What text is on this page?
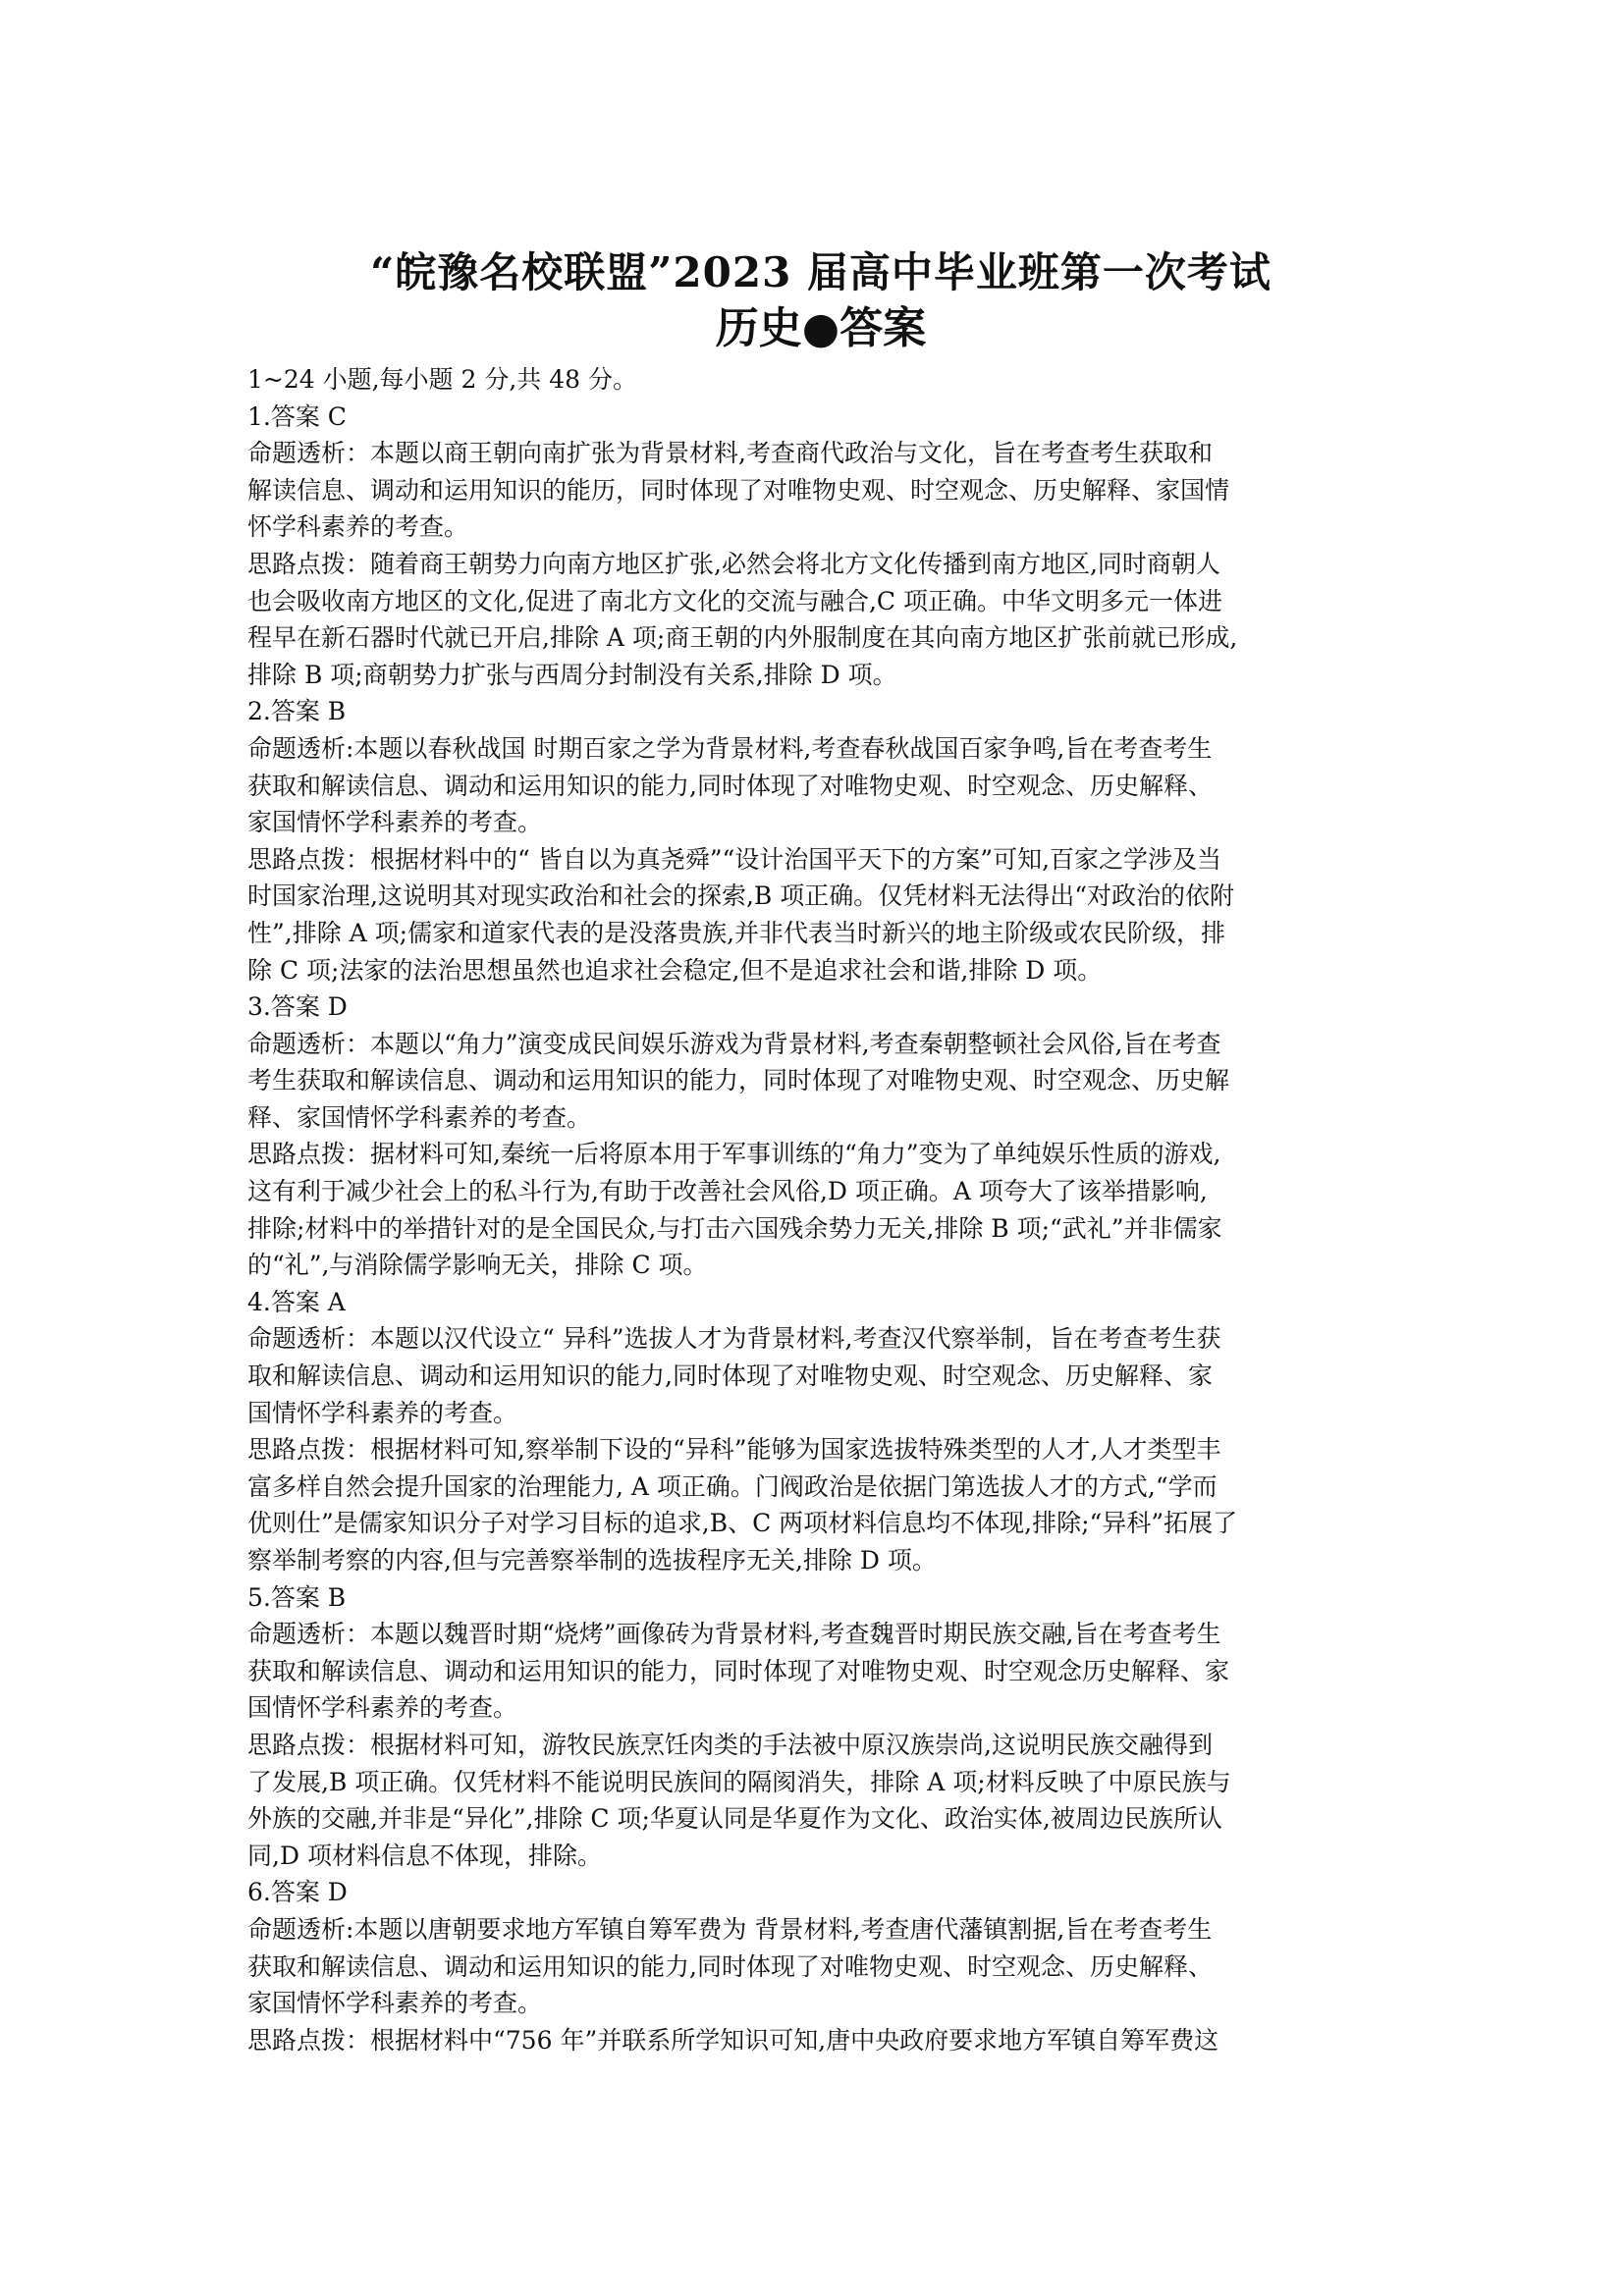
“皖豫名校联盟”2023 届高中毕业班第一次考试
历史●答案

1~24 小题,每小题 2 分,共 48 分。

1.答案 C

命题透析：本题以商王朝向南扩张为背景材料,考查商代政治与文化，旨在考查考生获取和
解读信息、调动和运用知识的能历，同时体现了对唯物史观、时空观念、历史解释、家国情
怀学科素养的考查。

思路点拨：随着商王朝势力向南方地区扩张,必然会将北方文化传播到南方地区,同时商朝人
也会吸收南方地区的文化,促进了南北方文化的交流与融合,C 项正确。中华文明多元一体进
程早在新石器时代就已开启,排除 A 项;商王朝的内外服制度在其向南方地区扩张前就已形成,
排除 B 项;商朝势力扩张与西周分封制没有关系,排除 D 项。

2.答案 B

命题透析:本题以春秋战国 时期百家之学为背景材料,考查春秋战国百家争鸣,旨在考查考生
获取和解读信息、调动和运用知识的能力,同时体现了对唯物史观、时空观念、历史解释、
家国情怀学科素养的考查。

思路点拨：根据材料中的“ 皆自以为真尧舜”“设计治国平天下的方案”可知,百家之学涉及当
时国家治理,这说明其对现实政治和社会的探索,B 项正确。仅凭材料无法得出“对政治的依附
性”,排除 A 项;儒家和道家代表的是没落贵族,并非代表当时新兴的地主阶级或农民阶级，排
除 C 项;法家的法治思想虽然也追求社会稳定,但不是追求社会和谐,排除 D 项。

3.答案 D

命题透析：本题以“角力”演变成民间娱乐游戏为背景材料,考查秦朝整顿社会风俗,旨在考查
考生获取和解读信息、调动和运用知识的能力，同时体现了对唯物史观、时空观念、历史解
释、家国情怀学科素养的考查。

思路点拨：据材料可知,秦统一后将原本用于军事训练的“角力”变为了单纯娱乐性质的游戏,
这有利于减少社会上的私斗行为,有助于改善社会风俗,D 项正确。A 项夸大了该举措影响,
排除;材料中的举措针对的是全国民众,与打击六国残余势力无关,排除 B 项;“武礼”并非儒家
的“礼”,与消除儒学影响无关，排除 C 项。

4.答案 A

命题透析：本题以汉代设立“ 异科”选拔人才为背景材料,考查汉代察举制，旨在考查考生获
取和解读信息、调动和运用知识的能力,同时体现了对唯物史观、时空观念、历史解释、家
国情怀学科素养的考查。

思路点拨：根据材料可知,察举制下设的“异科”能够为国家选拔特殊类型的人才,人才类型丰
富多样自然会提升国家的治理能力, A 项正确。门阀政治是依据门第选拔人才的方式,“学而
优则仕”是儒家知识分子对学习目标的追求,B、C 两项材料信息均不体现,排除;“异科”拓展了
察举制考察的内容,但与完善察举制的选拔程序无关,排除 D 项。

5.答案 B

命题透析：本题以魏晋时期“烧烤”画像砖为背景材料,考查魏晋时期民族交融,旨在考查考生
获取和解读信息、调动和运用知识的能力，同时体现了对唯物史观、时空观念历史解释、家
国情怀学科素养的考查。

思路点拨：根据材料可知，游牧民族烹饪肉类的手法被中原汉族崇尚,这说明民族交融得到
了发展,B 项正确。仅凭材料不能说明民族间的隔阂消失，排除 A 项;材料反映了中原民族与
外族的交融,并非是“异化”,排除 C 项;华夏认同是华夏作为文化、政治实体,被周边民族所认
同,D 项材料信息不体现，排除。

6.答案 D

命题透析:本题以唐朝要求地方军镇自筹军费为 背景材料,考查唐代藩镇割据,旨在考查考生
获取和解读信息、调动和运用知识的能力,同时体现了对唯物史观、时空观念、历史解释、
家国情怀学科素养的考查。

思路点拨：根据材料中“756 年”并联系所学知识可知,唐中央政府要求地方军镇自筹军费这
